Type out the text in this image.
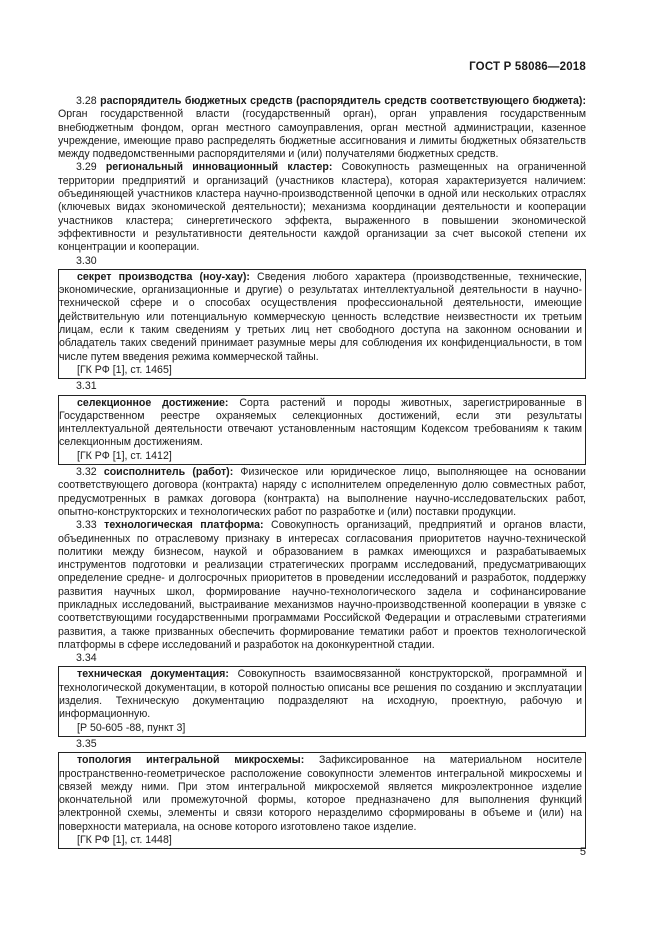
ГОСТ Р 58086—2018

3.28 распорядитель бюджетных средств (распорядитель средств соответствующего бюджета): Орган государственной власти (государственный орган), орган управления государственным внебюджетным фондом, орган местного самоуправления, орган местной администрации, казенное учреждение, имеющие право распределять бюджетные ассигнования и лимиты бюджетных обязательств между подведомственными распорядителями и (или) получателями бюджетных средств.

3.29 региональный инновационный кластер: Совокупность размещенных на ограниченной территории предприятий и организаций (участников кластера), которая характеризуется наличием: объединяющей участников кластера научно-производственной цепочки в одной или нескольких отраслях (ключевых видах экономической деятельности); механизма координации деятельности и кооперации участников кластера; синергетического эффекта, выраженного в повышении экономической эффективности и результативности деятельности каждой организации за счет высокой степени их концентрации и кооперации.

3.30

секрет производства (ноу-хау): Сведения любого характера (производственные, технические, экономические, организационные и другие) о результатах интеллектуальной деятельности в научно-технической сфере и о способах осуществления профессиональной деятельности, имеющие действительную или потенциальную коммерческую ценность вследствие неизвестности их третьим лицам, если к таким сведениям у третьих лиц нет свободного доступа на законном основании и обладатель таких сведений принимает разумные меры для соблюдения их конфиденциальности, в том числе путем введения режима коммерческой тайны.

[ГК РФ [1], ст. 1465]

3.31

селекционное достижение: Сорта растений и породы животных, зарегистрированные в Государственном реестре охраняемых селекционных достижений, если эти результаты интеллектуальной деятельности отвечают установленным настоящим Кодексом требованиям к таким селекционным достижениям.

[ГК РФ [1], ст. 1412]

3.32 соисполнитель (работ): Физическое или юридическое лицо, выполняющее на основании соответствующего договора (контракта) наряду с исполнителем определенную долю совместных работ, предусмотренных в рамках договора (контракта) на выполнение научно-исследовательских работ, опытно-конструкторских и технологических работ по разработке и (или) поставки продукции.

3.33 технологическая платформа: Совокупность организаций, предприятий и органов власти, объединенных по отраслевому признаку в интересах согласования приоритетов научно-технической политики между бизнесом, наукой и образованием в рамках имеющихся и разрабатываемых инструментов подготовки и реализации стратегических программ исследований, предусматривающих определение средне- и долгосрочных приоритетов в проведении исследований и разработок, поддержку развития научных школ, формирование научно-технологического задела и софинансирование прикладных исследований, выстраивание механизмов научно-производственной кооперации в увязке с соответствующими государственными программами Российской Федерации и отраслевыми стратегиями развития, а также призванных обеспечить формирование тематики работ и проектов технологической платформы в сфере исследований и разработок на доконкурентной стадии.

3.34

техническая документация: Совокупность взаимосвязанной конструкторской, программной и технологической документации, в которой полностью описаны все решения по созданию и эксплуатации изделия. Техническую документацию подразделяют на исходную, проектную, рабочую и информационную.

[Р 50-605 -88, пункт 3]

3.35

топология интегральной микросхемы: Зафиксированное на материальном носителе пространственно-геометрическое расположение совокупности элементов интегральной микросхемы и связей между ними. При этом интегральной микросхемой является микроэлектронное изделие окончательной или промежуточной формы, которое предназначено для выполнения функций электронной схемы, элементы и связи которого неразделимо сформированы в объеме и (или) на поверхности материала, на основе которого изготовлено такое изделие.

[ГК РФ [1], ст. 1448]

5
